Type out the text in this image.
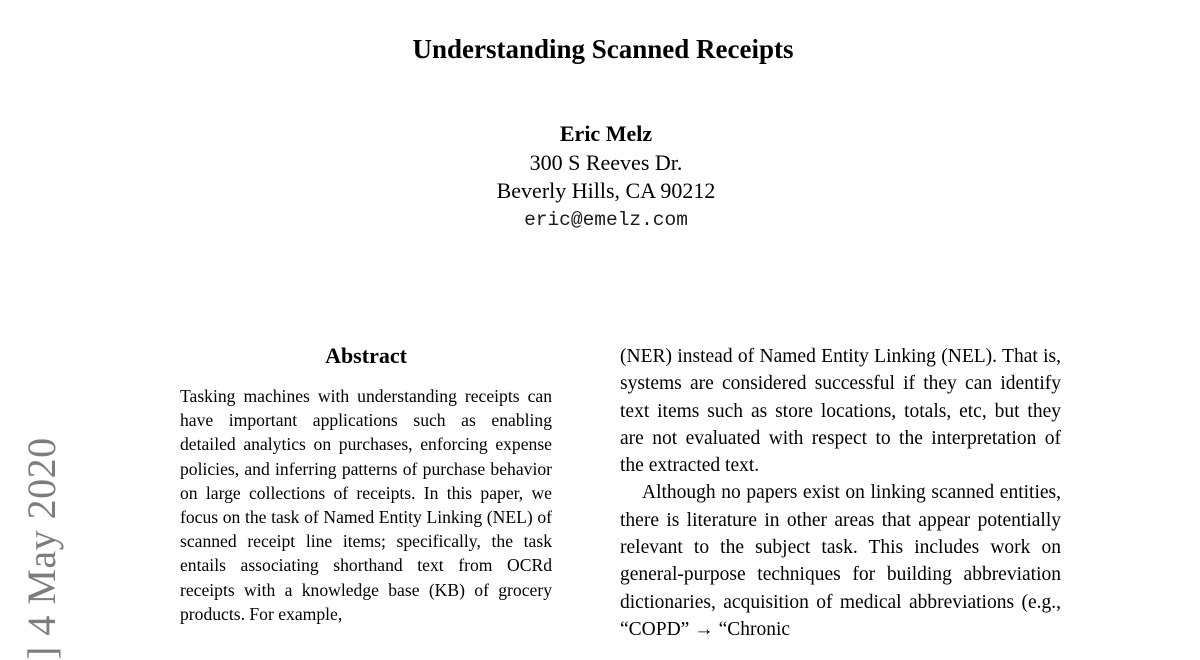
Understanding Scanned Receipts
Eric Melz
300 S Reeves Dr.
Beverly Hills, CA 90212
eric@emelz.com
] 4 May 2020
Abstract

Tasking machines with understanding receipts can have important applications such as enabling detailed analytics on purchases, enforcing expense policies, and inferring patterns of purchase behavior on large collections of receipts. In this paper, we focus on the task of Named Entity Linking (NEL) of scanned receipt line items; specifically, the task entails associating shorthand text from OCRd receipts with a knowledge base (KB) of grocery products. For example,

(NER) instead of Named Entity Linking (NEL). That is, systems are considered successful if they can identify text items such as store locations, totals, etc, but they are not evaluated with respect to the interpretation of the extracted text.

Although no papers exist on linking scanned entities, there is literature in other areas that appear potentially relevant to the subject task. This includes work on general-purpose techniques for building abbreviation dictionaries, acquisition of medical abbreviations (e.g., “COPD” → “Chronic
